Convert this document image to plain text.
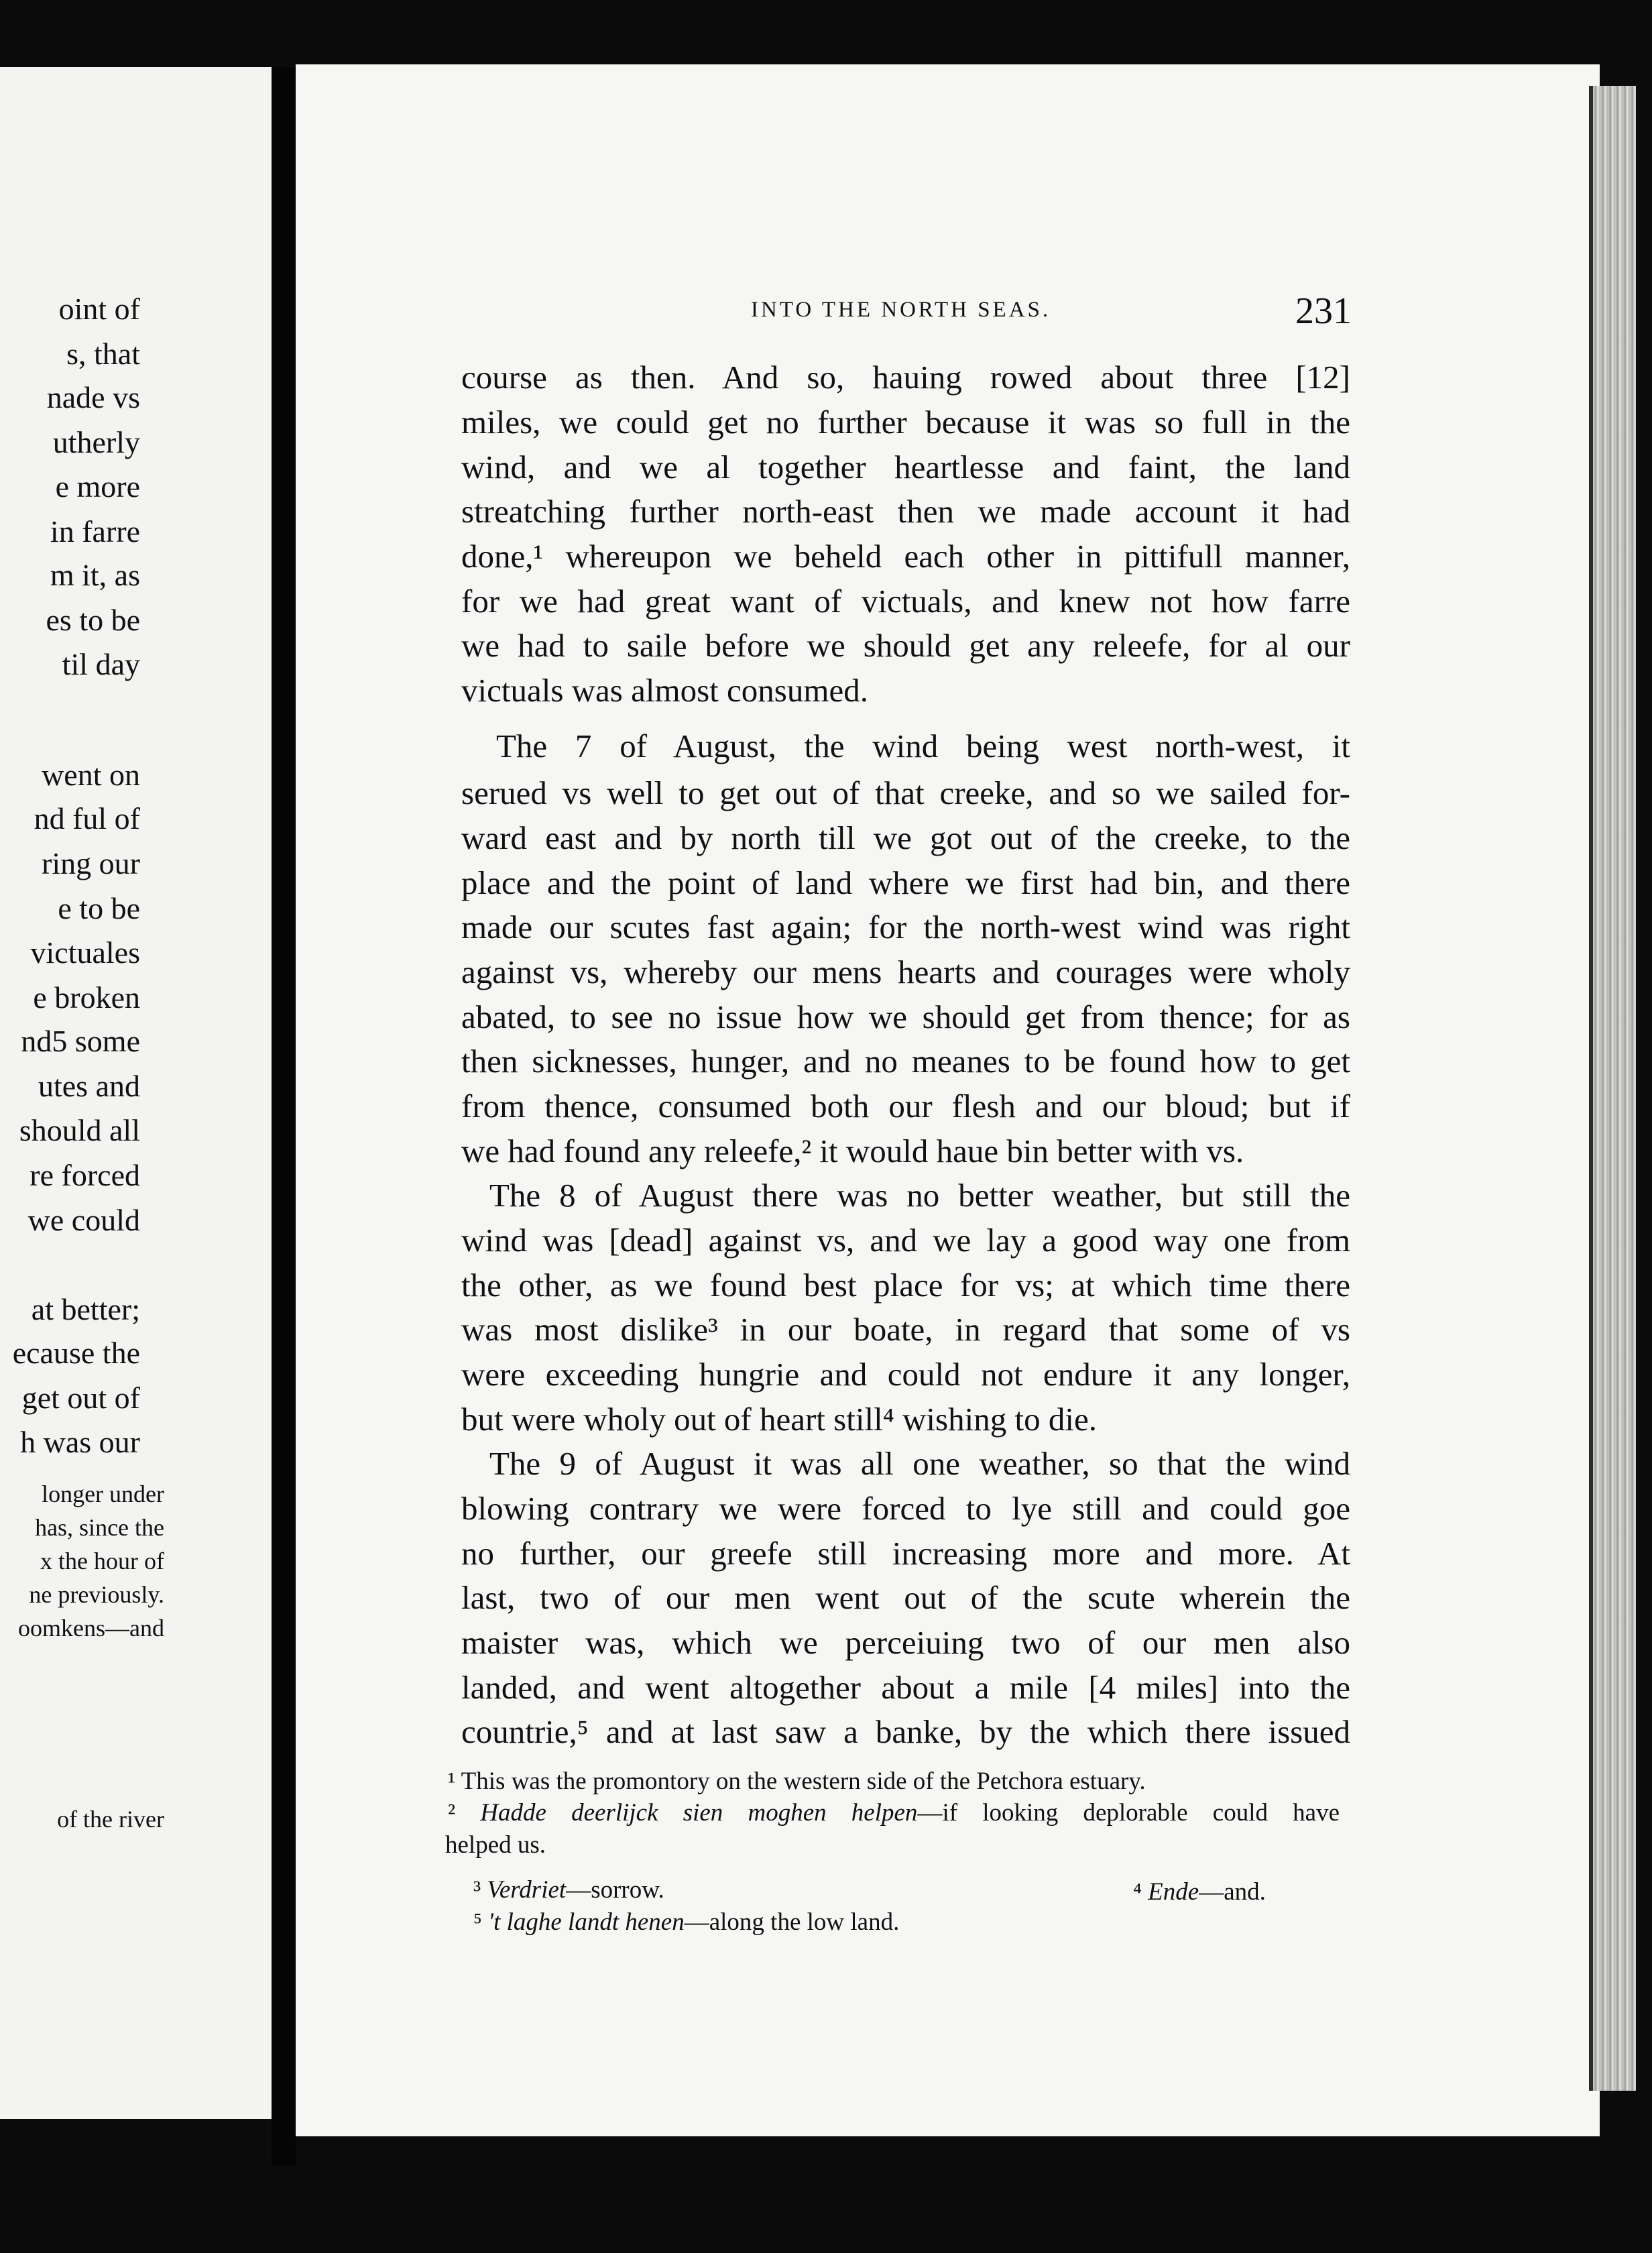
oint of
s, that
nade vs
utherly
e more
in farre
m it, as
es to be
til day
went on
nd ful of
ring our
e to be
victuales
e broken
nd5 some
utes and
should all
re forced
we could
at better;
ecause the
get out of
h was our
longer under
has, since the
x the hour of
ne previously.
oomkens—and
of the river
INTO THE NORTH SEAS.	231
course as then. And so, hauing rowed about three [12]
miles, we could get no further because it was so full in the
wind, and we al together heartlesse and faint, the land
streatching further north-east then we made account it had
done,¹ whereupon we beheld each other in pittifull manner,
for we had great want of victuals, and knew not how farre
we had to saile before we should get any releefe, for al our
victuals was almost consumed.
The 7 of August, the wind being west north-west, it
serued vs well to get out of that creeke, and so we sailed for-
ward east and by north till we got out of the creeke, to the
place and the point of land where we first had bin, and there
made our scutes fast again; for the north-west wind was right
against vs, whereby our mens hearts and courages were wholy
abated, to see no issue how we should get from thence; for as
then sicknesses, hunger, and no meanes to be found how to get
from thence, consumed both our flesh and our bloud; but if
we had found any releefe,² it would haue bin better with vs.
The 8 of August there was no better weather, but still the
wind was [dead] against vs, and we lay a good way one from
the other, as we found best place for vs; at which time there
was most dislike³ in our boate, in regard that some of vs
were exceeding hungrie and could not endure it any longer,
but were wholy out of heart still⁴ wishing to die.
The 9 of August it was all one weather, so that the wind
blowing contrary we were forced to lye still and could goe
no further, our greefe still increasing more and more. At
last, two of our men went out of the scute wherein the
maister was, which we perceiuing two of our men also
landed, and went altogether about a mile [4 miles] into the
countrie,⁵ and at last saw a banke, by the which there issued
¹ This was the promontory on the western side of the Petchora estuary.
² Hadde deerlijck sien moghen helpen—if looking deplorable could have
helped us.
³ Verdriet—sorrow.	⁴ Ende—and.
⁵ 't laghe landt henen—along the low land.
